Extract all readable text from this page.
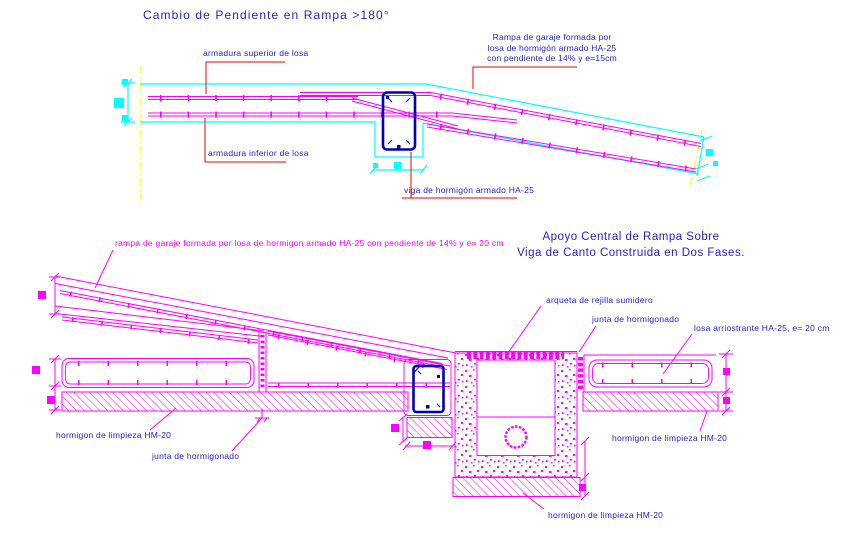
Cambio de Pendiente en Rampa >180°
armadura superior de losa
Rampa de garaje formada por
losa de hormigón armado HA-25
con pendiente de 14% y e=15cm
armadura inferior de losa
viga de hormigón armado HA-25
Apoyo Central de Rampa Sobre
Viga de Canto Construida en Dos Fases.
rampa de garaje formada por losa de hormigon armado HA-25 con pendiente de 14% y e= 20 cm
arqueta de rejilla sumidero
junta de hormigonado
losa arriostrante HA-25, e= 20 cm
hormigon de limpieza HM-20
junta de hormigonado
hormigon de limpieza HM-20
hormigon de limpieza HM-20
